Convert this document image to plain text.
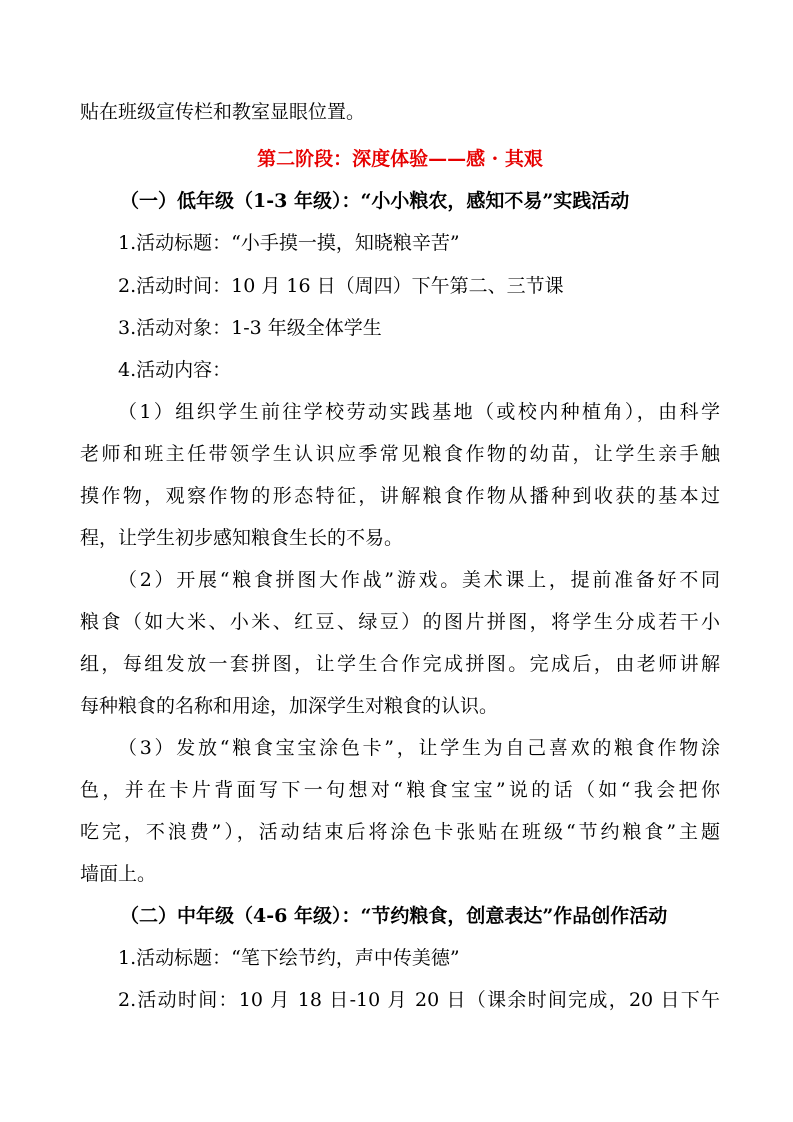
贴在班级宣传栏和教室显眼位置。
第二阶段：深度体验——感 · 其艰
（一）低年级（1-3 年级）：“小小粮农，感知不易”实践活动
1.活动标题：“小手摸一摸，知晓粮辛苦”
2.活动时间：10 月 16 日（周四）下午第二、三节课
3.活动对象：1-3 年级全体学生
4.活动内容：
（1）组织学生前往学校劳动实践基地（或校内种植角），由科学
老师和班主任带领学生认识应季常见粮食作物的幼苗，让学生亲手触
摸作物，观察作物的形态特征，讲解粮食作物从播种到收获的基本过
程，让学生初步感知粮食生长的不易。
（2）开展“粮食拼图大作战”游戏。美术课上，提前准备好不同
粮食（如大米、小米、红豆、绿豆）的图片拼图，将学生分成若干小
组，每组发放一套拼图，让学生合作完成拼图。完成后，由老师讲解
每种粮食的名称和用途，加深学生对粮食的认识。
（3）发放“粮食宝宝涂色卡”，让学生为自己喜欢的粮食作物涂
色，并在卡片背面写下一句想对“粮食宝宝”说的话（如“我会把你
吃完，不浪费”），活动结束后将涂色卡张贴在班级“节约粮食”主题
墙面上。
（二）中年级（4-6 年级）：“节约粮食，创意表达”作品创作活动
1.活动标题：“笔下绘节约，声中传美德”
2.活动时间：10 月 18 日-10 月 20 日（课余时间完成，20 日下午
